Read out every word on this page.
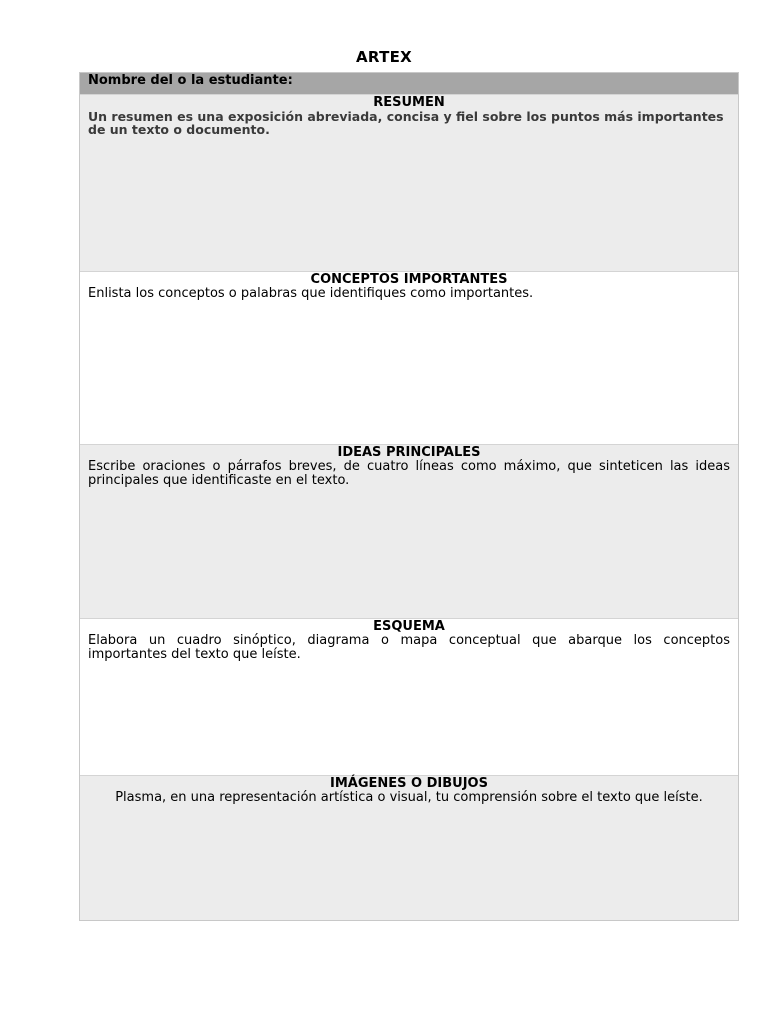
ARTEX
Nombre del o la estudiante:
RESUMEN
Un resumen es una exposición abreviada, concisa y fiel sobre los puntos más importantes de un texto o documento.
CONCEPTOS IMPORTANTES
Enlista los conceptos o palabras que identifiques como importantes.
IDEAS PRINCIPALES
Escribe oraciones o párrafos breves, de cuatro líneas como máximo, que sinteticen las ideas principales que identificaste en el texto.
ESQUEMA
Elabora un cuadro sinóptico, diagrama o mapa conceptual que abarque los conceptos importantes del texto que leíste.
IMÁGENES O DIBUJOS
Plasma, en una representación artística o visual, tu comprensión sobre el texto que leíste.
